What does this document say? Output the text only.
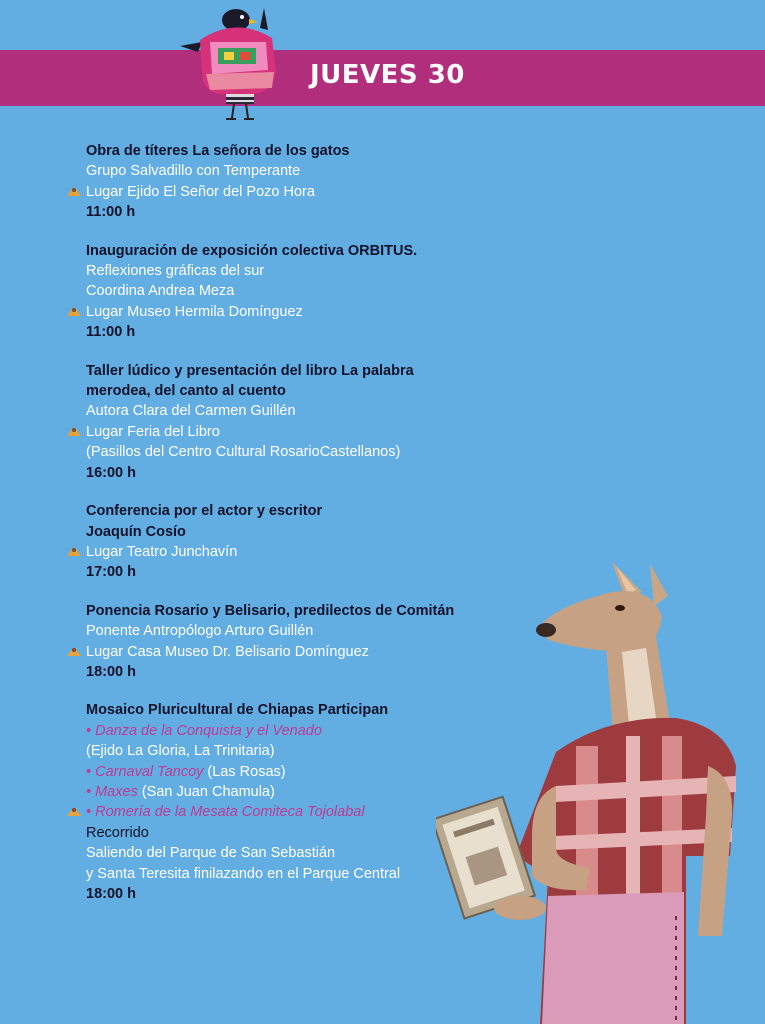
JUEVES 30
Obra de títeres La señora de los gatos
Grupo Salvadillo con Temperante
Lugar Ejido El Señor del Pozo Hora
11:00 h
Inauguración de exposición colectiva ORBITUS.
Reflexiones gráficas del sur
Coordina Andrea Meza
Lugar Museo Hermila Domínguez
11:00 h
Taller lúdico y presentación del libro La palabra
merodea, del canto al cuento
Autora Clara del Carmen Guillén
Lugar Feria del Libro
(Pasillos del Centro Cultural RosarioCastellanos)
16:00 h
Conferencia por el actor y escritor
Joaquín Cosío
Lugar Teatro Junchavín
17:00 h
Ponencia Rosario y Belisario, predilectos de Comitán
Ponente Antropólogo Arturo Guillén
Lugar Casa Museo Dr. Belisario Domínguez
18:00 h
Mosaico Pluricultural de Chiapas Participan
• Danza de la Conquista y el Venado
(Ejido La Gloria, La Trinitaria)
• Carnaval Tancoy (Las Rosas)
• Maxes (San Juan Chamula)
• Romería de la Mesata Comiteca Tojolabal
Recorrido
Saliendo del Parque de San Sebastián
y Santa Teresita finilazando en el Parque Central
18:00 h
